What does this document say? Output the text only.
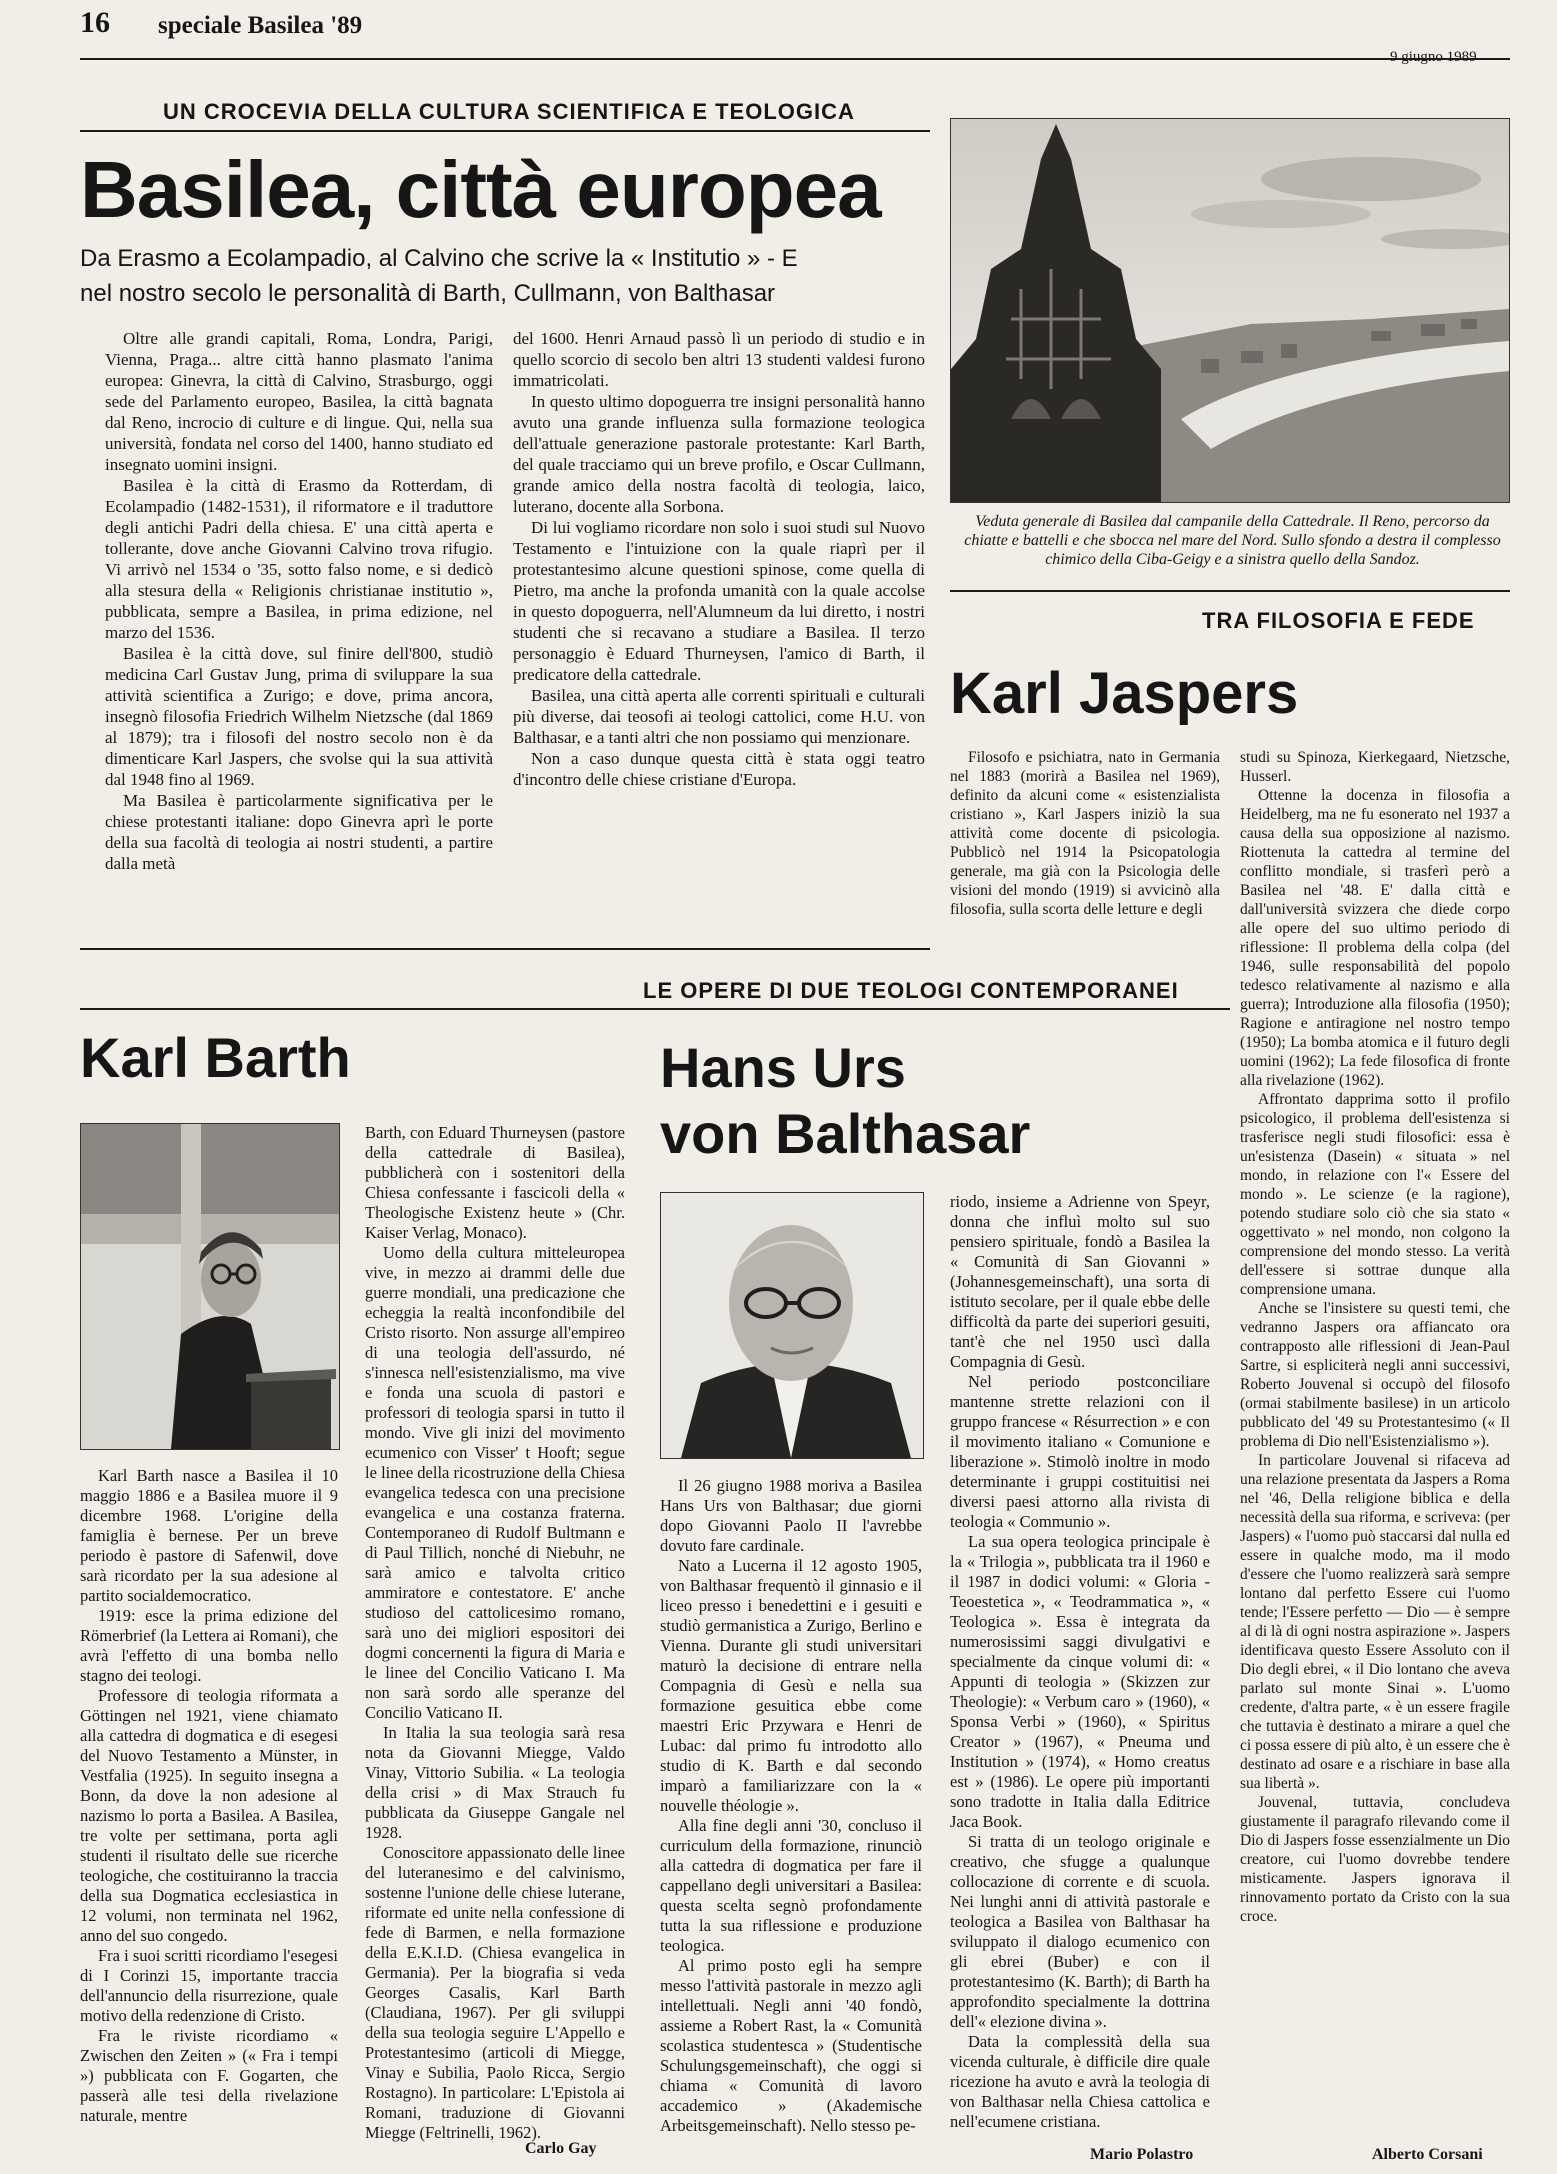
16 speciale Basilea '89
9 giugno 1989
UN CROCEVIA DELLA CULTURA SCIENTIFICA E TEOLOGICA
Basilea, città europea
Da Erasmo a Ecolampadio, al Calvino che scrive la « Institutio » - E
nel nostro secolo le personalità di Barth, Cullmann, von Balthasar

Oltre alle grandi capitali, Roma, Londra, Parigi, Vienna, Praga... altre città hanno plasmato l'anima europea: Ginevra, la città di Calvino, Strasburgo, oggi sede del Parlamento europeo, Basilea, la città bagnata dal Reno, incrocio di culture e di lingue. Qui, nella sua università, fondata nel corso del 1400, hanno studiato ed insegnato uomini insigni.

Basilea è la città di Erasmo da Rotterdam, di Ecolampadio (1482-1531), il riformatore e il traduttore degli antichi Padri della chiesa. E' una città aperta e tollerante, dove anche Giovanni Calvino trova rifugio. Vi arrivò nel 1534 o '35, sotto falso nome, e si dedicò alla stesura della « Religionis christianae institutio », pubblicata, sempre a Basilea, in prima edizione, nel marzo del 1536.

Basilea è la città dove, sul finire dell'800, studiò medicina Carl Gustav Jung, prima di sviluppare la sua attività scientifica a Zurigo; e dove, prima ancora, insegnò filosofia Friedrich Wilhelm Nietzsche (dal 1869 al 1879); tra i filosofi del nostro secolo non è da dimenticare Karl Jaspers, che svolse qui la sua attività dal 1948 fino al 1969.

Ma Basilea è particolarmente significativa per le chiese protestanti italiane: dopo Ginevra aprì le porte della sua facoltà di teologia ai nostri studenti, a partire dalla metà

del 1600. Henri Arnaud passò lì un periodo di studio e in quello scorcio di secolo ben altri 13 studenti valdesi furono immatricolati.

In questo ultimo dopoguerra tre insigni personalità hanno avuto una grande influenza sulla formazione teologica dell'attuale generazione pastorale protestante: Karl Barth, del quale tracciamo qui un breve profilo, e Oscar Cullmann, grande amico della nostra facoltà di teologia, laico, luterano, docente alla Sorbona.

Di lui vogliamo ricordare non solo i suoi studi sul Nuovo Testamento e l'intuizione con la quale riaprì per il protestantesimo alcune questioni spinose, come quella di Pietro, ma anche la profonda umanità con la quale accolse in questo dopoguerra, nell'Alumneum da lui diretto, i nostri studenti che si recavano a studiare a Basilea. Il terzo personaggio è Eduard Thurneysen, l'amico di Barth, il predicatore della cattedrale.

Basilea, una città aperta alle correnti spirituali e culturali più diverse, dai teosofi ai teologi cattolici, come H.U. von Balthasar, e a tanti altri che non possiamo qui menzionare.

Non a caso dunque questa città è stata oggi teatro d'incontro delle chiese cristiane d'Europa.

Veduta generale di Basilea dal campanile della Cattedrale. Il Reno, percorso da chiatte e battelli e che sbocca nel mare del Nord. Sullo sfondo a destra il complesso chimico della Ciba-Geigy e a sinistra quello della Sandoz.
TRA FILOSOFIA E FEDE
Karl Jaspers

Filosofo e psichiatra, nato in Germania nel 1883 (morirà a Basilea nel 1969), definito da alcuni come « esistenzialista cristiano », Karl Jaspers iniziò la sua attività come docente di psicologia. Pubblicò nel 1914 la Psicopatologia generale, ma già con la Psicologia delle visioni del mondo (1919) si avvicinò alla filosofia, sulla scorta delle letture e degli

studi su Spinoza, Kierkegaard, Nietzsche, Husserl.

Ottenne la docenza in filosofia a Heidelberg, ma ne fu esonerato nel 1937 a causa della sua opposizione al nazismo. Riottenuta la cattedra al termine del conflitto mondiale, si trasferì però a Basilea nel '48. E' dalla città e dall'università svizzera che diede corpo alle opere del suo ultimo periodo di riflessione: Il problema della colpa (del 1946, sulle responsabilità del popolo tedesco relativamente al nazismo e alla guerra); Introduzione alla filosofia (1950); Ragione e antiragione nel nostro tempo (1950); La bomba atomica e il futuro degli uomini (1962); La fede filosofica di fronte alla rivelazione (1962).

Affrontato dapprima sotto il profilo psicologico, il problema dell'esistenza si trasferisce negli studi filosofici: essa è un'esistenza (Dasein) « situata » nel mondo, in relazione con l'« Essere del mondo ». Le scienze (e la ragione), potendo studiare solo ciò che sia stato « oggettivato » nel mondo, non colgono la comprensione del mondo stesso. La verità dell'essere si sottrae dunque alla comprensione umana.

Anche se l'insistere su questi temi, che vedranno Jaspers ora affiancato ora contrapposto alle riflessioni di Jean-Paul Sartre, si espliciterà negli anni successivi, Roberto Jouvenal si occupò del filosofo (ormai stabilmente basilese) in un articolo pubblicato del '49 su Protestantesimo (« Il problema di Dio nell'Esistenzialismo »).

In particolare Jouvenal si rifaceva ad una relazione presentata da Jaspers a Roma nel '46, Della religione biblica e della necessità della sua riforma, e scriveva: (per Jaspers) « l'uomo può staccarsi dal nulla ed essere in qualche modo, ma il modo d'essere che l'uomo realizzerà sarà sempre lontano dal perfetto Essere cui l'uomo tende; l'Essere perfetto — Dio — è sempre al di là di ogni nostra aspirazione ». Jaspers identificava questo Essere Assoluto con il Dio degli ebrei, « il Dio lontano che aveva parlato sul monte Sinai ». L'uomo credente, d'altra parte, « è un essere fragile che tuttavia è destinato a mirare a quel che ci possa essere di più alto, è un essere che è destinato ad osare e a rischiare in base alla sua libertà ».

Jouvenal, tuttavia, concludeva giustamente il paragrafo rilevando come il Dio di Jaspers fosse essenzialmente un Dio creatore, cui l'uomo dovrebbe tendere misticamente. Jaspers ignorava il rinnovamento portato da Cristo con la sua croce.

Alberto Corsani
LE OPERE DI DUE TEOLOGI CONTEMPORANEI
Karl Barth

Karl Barth nasce a Basilea il 10 maggio 1886 e a Basilea muore il 9 dicembre 1968. L'origine della famiglia è bernese. Per un breve periodo è pastore di Safenwil, dove sarà ricordato per la sua adesione al partito socialdemocratico.

1919: esce la prima edizione del Römerbrief (la Lettera ai Romani), che avrà l'effetto di una bomba nello stagno dei teologi.

Professore di teologia riformata a Göttingen nel 1921, viene chiamato alla cattedra di dogmatica e di esegesi del Nuovo Testamento a Münster, in Vestfalia (1925). In seguito insegna a Bonn, da dove la non adesione al nazismo lo porta a Basilea. A Basilea, tre volte per settimana, porta agli studenti il risultato delle sue ricerche teologiche, che costituiranno la traccia della sua Dogmatica ecclesiastica in 12 volumi, non terminata nel 1962, anno del suo congedo.

Fra i suoi scritti ricordiamo l'esegesi di I Corinzi 15, importante traccia dell'annuncio della risurrezione, quale motivo della redenzione di Cristo.

Fra le riviste ricordiamo « Zwischen den Zeiten » (« Fra i tempi ») pubblicata con F. Gogarten, che passerà alle tesi della rivelazione naturale, mentre

Barth, con Eduard Thurneysen (pastore della cattedrale di Basilea), pubblicherà con i sostenitori della Chiesa confessante i fascicoli della « Theologische Existenz heute » (Chr. Kaiser Verlag, Monaco).

Uomo della cultura mitteleuropea vive, in mezzo ai drammi delle due guerre mondiali, una predicazione che echeggia la realtà inconfondibile del Cristo risorto. Non assurge all'empireo di una teologia dell'assurdo, né s'innesca nell'esistenzialismo, ma vive e fonda una scuola di pastori e professori di teologia sparsi in tutto il mondo. Vive gli inizi del movimento ecumenico con Visser' t Hooft; segue le linee della ricostruzione della Chiesa evangelica tedesca con una precisione evangelica e una costanza fraterna. Contemporaneo di Rudolf Bultmann e di Paul Tillich, nonché di Niebuhr, ne sarà amico e talvolta critico ammiratore e contestatore. E' anche studioso del cattolicesimo romano, sarà uno dei migliori espositori dei dogmi concernenti la figura di Maria e le linee del Concilio Vaticano I. Ma non sarà sordo alle speranze del Concilio Vaticano II.

In Italia la sua teologia sarà resa nota da Giovanni Miegge, Valdo Vinay, Vittorio Subilia. « La teologia della crisi » di Max Strauch fu pubblicata da Giuseppe Gangale nel 1928.

Conoscitore appassionato delle linee del luteranesimo e del calvinismo, sostenne l'unione delle chiese luterane, riformate ed unite nella confessione di fede di Barmen, e nella formazione della E.K.I.D. (Chiesa evangelica in Germania). Per la biografia si veda Georges Casalis, Karl Barth (Claudiana, 1967). Per gli sviluppi della sua teologia seguire L'Appello e Protestantesimo (articoli di Miegge, Vinay e Subilia, Paolo Ricca, Sergio Rostagno). In particolare: L'Epistola ai Romani, traduzione di Giovanni Miegge (Feltrinelli, 1962).

Carlo Gay
Hans Urs
von Balthasar

Il 26 giugno 1988 moriva a Basilea Hans Urs von Balthasar; due giorni dopo Giovanni Paolo II l'avrebbe dovuto fare cardinale.

Nato a Lucerna il 12 agosto 1905, von Balthasar frequentò il ginnasio e il liceo presso i benedettini e i gesuiti e studiò germanistica a Zurigo, Berlino e Vienna. Durante gli studi universitari maturò la decisione di entrare nella Compagnia di Gesù e nella sua formazione gesuitica ebbe come maestri Eric Przywara e Henri de Lubac: dal primo fu introdotto allo studio di K. Barth e dal secondo imparò a familiarizzare con la « nouvelle théologie ».

Alla fine degli anni '30, concluso il curriculum della formazione, rinunciò alla cattedra di dogmatica per fare il cappellano degli universitari a Basilea: questa scelta segnò profondamente tutta la sua riflessione e produzione teologica.

Al primo posto egli ha sempre messo l'attività pastorale in mezzo agli intellettuali. Negli anni '40 fondò, assieme a Robert Rast, la « Comunità scolastica studentesca » (Studentische Schulungsgemeinschaft), che oggi si chiama « Comunità di lavoro accademico » (Akademische Arbeitsgemeinschaft). Nello stesso pe-

riodo, insieme a Adrienne von Speyr, donna che influì molto sul suo pensiero spirituale, fondò a Basilea la « Comunità di San Giovanni » (Johannesgemeinschaft), una sorta di istituto secolare, per il quale ebbe delle difficoltà da parte dei superiori gesuiti, tant'è che nel 1950 uscì dalla Compagnia di Gesù.

Nel periodo postconciliare mantenne strette relazioni con il gruppo francese « Résurrection » e con il movimento italiano « Comunione e liberazione ». Stimolò inoltre in modo determinante i gruppi costituitisi nei diversi paesi attorno alla rivista di teologia « Communio ».

La sua opera teologica principale è la « Trilogia », pubblicata tra il 1960 e il 1987 in dodici volumi: « Gloria - Teoestetica », « Teodrammatica », « Teologica ». Essa è integrata da numerosissimi saggi divulgativi e specialmente da cinque volumi di: « Appunti di teologia » (Skizzen zur Theologie): « Verbum caro » (1960), « Sponsa Verbi » (1960), « Spiritus Creator » (1967), « Pneuma und Institution » (1974), « Homo creatus est » (1986). Le opere più importanti sono tradotte in Italia dalla Editrice Jaca Book.

Si tratta di un teologo originale e creativo, che sfugge a qualunque collocazione di corrente e di scuola. Nei lunghi anni di attività pastorale e teologica a Basilea von Balthasar ha sviluppato il dialogo ecumenico con gli ebrei (Buber) e con il protestantesimo (K. Barth); di Barth ha approfondito specialmente la dottrina dell'« elezione divina ».

Data la complessità della sua vicenda culturale, è difficile dire quale ricezione ha avuto e avrà la teologia di von Balthasar nella Chiesa cattolica e nell'ecumene cristiana.

Mario Polastro
